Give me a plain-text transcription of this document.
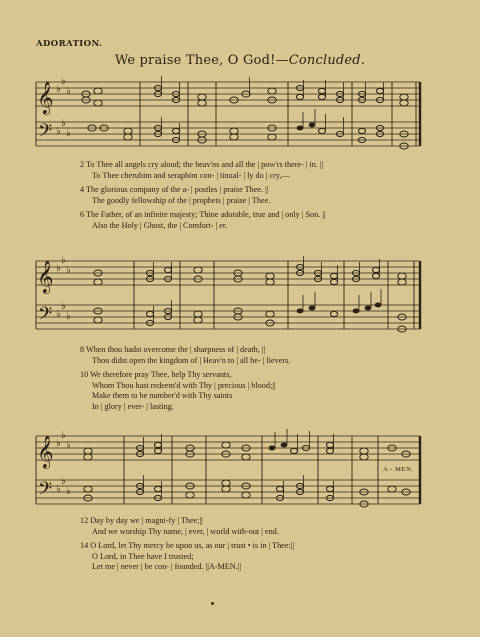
ADORATION.
We praise Thee, O God!—Concluded.
𝄞
𝄢
♭
♭
♭
♭
♭
♭
2 To Thee all angels cry aloud; the heav'ns and all the | pow'rs there- | in. ||
To Thee cherubim and seraphim con- | tinual- | ly do | cry,—
4 The glorious company of the a- | postles | praise Thee. ||
The goodly fellowship of the | prophets | praise | Thee.
6 The Father, of an infinite majesty; Thine adorable, true and | only | Son. ||
Also the Holy | Ghost, the | Comfort- | er.
𝄞
𝄢
♭
♭
♭
♭
♭
♭
8 When thou hadst overcome the | sharpness of | death, ||
Thou didst open the kingdom of | Heav'n to | all be- | lievers.
10 We therefore pray Thee, help Thy servants,
Whom Thou hast redeem'd with Thy | precious | blood;||
Make them to be number'd with Thy saints
In | glory | ever- | lasting.
𝄞
𝄢
♭
♭
♭
♭
♭
♭
A - MEN.
12 Day by day we | magni-fy | Thee;||
And we worship Thy name, | ever, | world with-out | end.
14 O Lord, let Thy mercy be upon us, as our | trust • is in | Thee:||
O Lord, in Thee have I trusted;
Let me | never | be con- | founded. ||A-MEN.||
